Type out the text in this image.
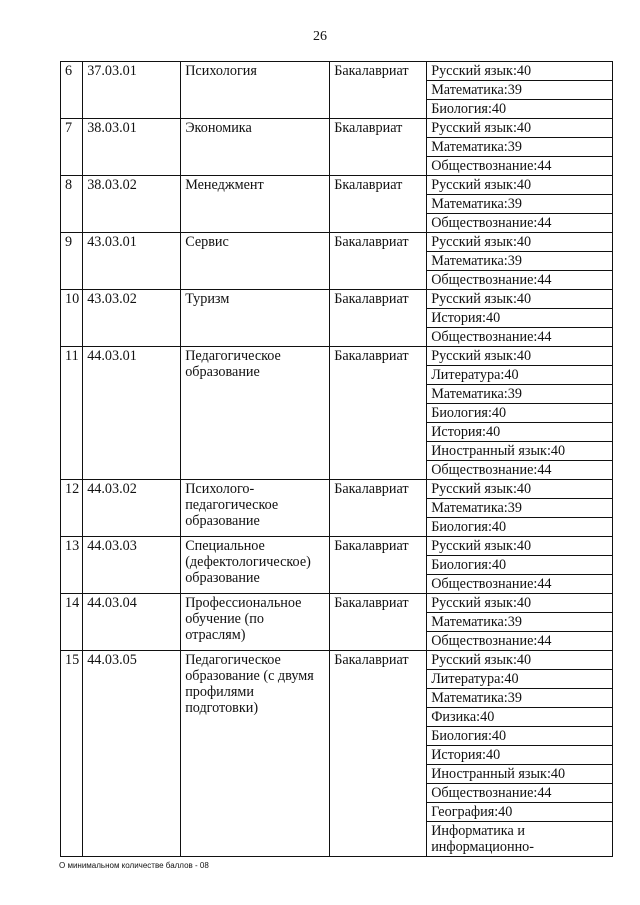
26
6	37.03.01	Психология	Бакалавриат	Русский язык:40
				Математика:39
				Биология:40
7	38.03.01	Экономика	Бкалавриат	Русский язык:40
				Математика:39
				Обществознание:44
8	38.03.02	Менеджмент	Бкалавриат	Русский язык:40
				Математика:39
				Обществознание:44
9	43.03.01	Сервис	Бакалавриат	Русский язык:40
				Математика:39
				Обществознание:44
10	43.03.02	Туризм	Бакалавриат	Русский язык:40
				История:40
				Обществознание:44
11	44.03.01	Педагогическое образование	Бакалавриат	Русский язык:40
				Литература:40
				Математика:39
				Биология:40
				История:40
				Иностранный язык:40
				Обществознание:44
12	44.03.02	Психолого-педагогическое образование	Бакалавриат	Русский язык:40
				Математика:39
				Биология:40
13	44.03.03	Специальное (дефектологическое) образование	Бакалавриат	Русский язык:40
				Биология:40
				Обществознание:44
14	44.03.04	Профессиональное обучение (по отраслям)	Бакалавриат	Русский язык:40
				Математика:39
				Обществознание:44
15	44.03.05	Педагогическое образование (с двумя профилями подготовки)	Бакалавриат	Русский язык:40
				Литература:40
				Математика:39
				Физика:40
				Биология:40
				История:40
				Иностранный язык:40
				Обществознание:44
				География:40
				Информатика и информационно-
О минимальном количестве баллов - 08
